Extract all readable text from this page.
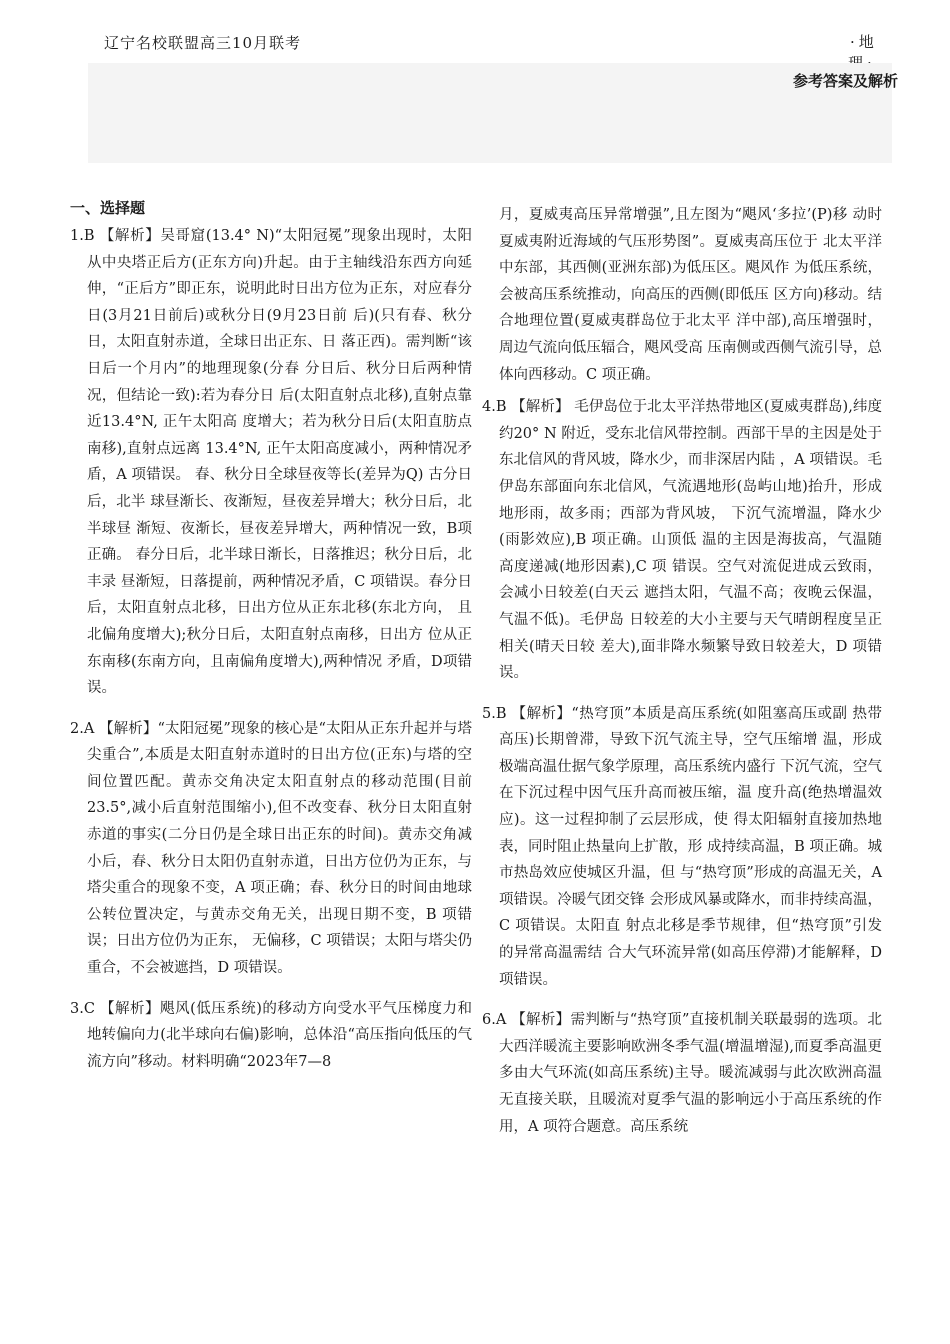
辽宁名校联盟高三10月联考	· 地
参考答案及解析
一、选择题

1.B 【解析】吴哥窟(13.4° N)“太阳冠冕”现象出现时，太阳从中央塔正后方(正东方向)升起。由于主轴线沿东西方向延伸，“正后方”即正东，说明此时日出方位为正东，对应春分日(3月21日前后)或秋分日(9月23日前 后)(只有春、秋分日，太阳直射赤道，全球日出正东、日 落正西)。需判断“该日后一个月内”的地理现象(分春 分日后、秋分日后两种情况，但结论一致):若为春分日 后(太阳直射点北移),直射点靠近13.4°N, 正午太阳高 度增大；若为秋分日后(太阳直肪点南移),直射点远离 13.4°N, 正午太阳高度减小，两种情况矛盾，A 项错误。 春、秋分日全球昼夜等长(差异为Q) 古分日后，北半 球昼渐长、夜渐短，昼夜差异增大；秋分日后，北半球昼 渐短、夜渐长，昼夜差异增大，两种情况一致，B项正确。 春分日后，北半球日渐长，日落推迟；秋分日后，北丰录 昼渐短，日落提前，两种情况矛盾，C 项错误。春分日 后，太阳直射点北移，日出方位从正东北移(东北方向， 且北偏角度增大);秋分日后，太阳直射点南移，日出方 位从正东南移(东南方向，且南偏角度增大),两种情况 矛盾，D项错误。

2.A 【解析】“太阳冠冕”现象的核心是“太阳从正东升起并与塔尖重合”,本质是太阳直射赤道时的日出方位(正东)与塔的空间位置匹配。黄赤交角决定太阳直射点的移动范围(目前23.5°,减小后直射范围缩小),但不改变春、秋分日太阳直射赤道的事实(二分日仍是全球日出正东的时间)。黄赤交角减小后，春、秋分日太阳仍直射赤道，日出方位仍为正东，与塔尖重合的现象不变，A 项正确；春、秋分日的时间由地球公转位置决定，与黄赤交角无关，出现日期不变，B 项错误；日出方位仍为正东， 无偏移，C 项错误；太阳与塔尖仍重合，不会被遮挡，D 项错误。

3.C 【解析】飓风(低压系统)的移动方向受水平气压梯度力和地转偏向力(北半球向右偏)影响，总体沿“高压指向低压的气流方向”移动。材料明确“2023年7—8

月，夏威夷高压异常增强”,且左图为“飓风‘多拉’(P)移 动时夏威夷附近海域的气压形势图”。夏威夷高压位于 北太平洋中东部，其西侧(亚洲东部)为低压区。飓风作 为低压系统，会被高压系统推动，向高压的西侧(即低压 区方向)移动。结合地理位置(夏威夷群岛位于北太平 洋中部),高压增强时，周边气流向低压辐合，飓风受高 压南侧或西侧气流引导，总体向西移动。C 项正确。

4.B 【解析】 毛伊岛位于北太平洋热带地区(夏威夷群岛),纬度约20° N 附近，受东北信风带控制。西部干旱的主因是处于东北信风的背风坡，降水少，而非深居内陆 ，A 项错误。毛伊岛东部面向东北信风，气流遇地形(岛屿山地)抬升，形成地形雨，故多雨；西部为背风坡， 下沉气流增温，降水少(雨影效应),B 项正确。山顶低 温的主因是海拔高，气温随高度递减(地形因素),C 项 错误。空气对流促进成云致雨，会减小日较差(白天云 遮挡太阳，气温不高；夜晚云保温，气温不低)。毛伊岛 日较差的大小主要与天气晴朗程度呈正相关(晴天日较 差大),面非降水频繁导致日较差大，D 项错误。

5.B 【解析】“热穹顶”本质是高压系统(如阻塞高压或副 热带高压)长期曾滞，导致下沉气流主导，空气压缩增 温，形成极端高温仕据气象学原理，高压系统内盛行 下沉气流，空气在下沉过程中因气压升高而被压缩，温 度升高(绝热增温效应)。这一过程抑制了云层形成，使 得太阳辐射直接加热地表，同时阻止热量向上扩散，形 成持续高温，B 项正确。城市热岛效应使城区升温，但 与“热穹顶”形成的高温无关，A 项错误。冷暖气团交锋 会形成风暴或降水，而非持续高温，C 项错误。太阳直 射点北移是季节规律，但“热穹顶”引发的异常高温需结 合大气环流异常(如高压停滞)才能解释，D 项错误。

6.A 【解析】需判断与“热穹顶”直接机制关联最弱的选项。北大西洋暖流主要影响欧洲冬季气温(增温增湿),而夏季高温更多由大气环流(如高压系统)主导。暖流减弱与此次欧洲高温无直接关联，且暖流对夏季气温的影响远小于高压系统的作用，A 项符合题意。高压系统
